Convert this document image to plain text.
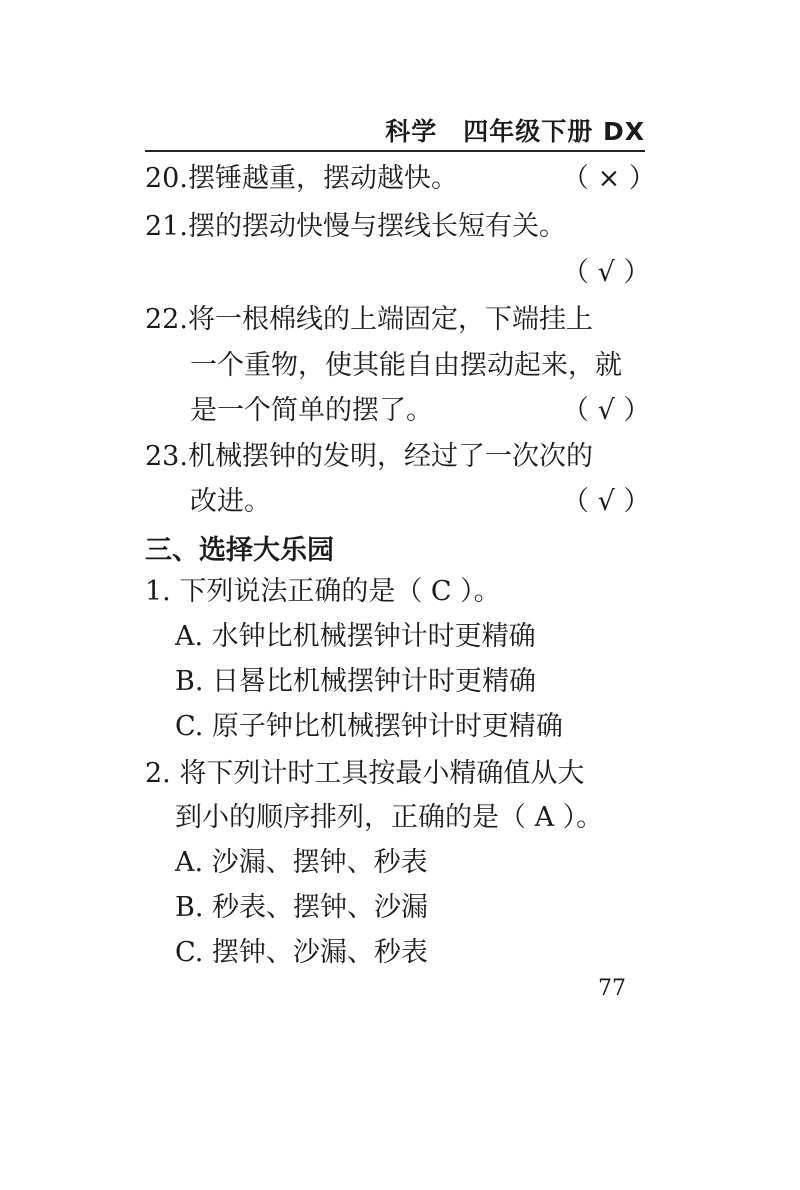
科学　四年级下册 DX
20.摆锤越重，摆动越快。	（ × ）
21.摆的摆动快慢与摆线长短有关。
（ √ ）
22.将一根棉线的上端固定，下端挂上
一个重物，使其能自由摆动起来，就
是一个简单的摆了。	（ √ ）
23.机械摆钟的发明，经过了一次次的
改进。	（ √ ）
三、选择大乐园
1. 下列说法正确的是（ C ）。
A. 水钟比机械摆钟计时更精确
B. 日晷比机械摆钟计时更精确
C. 原子钟比机械摆钟计时更精确
2. 将下列计时工具按最小精确值从大
到小的顺序排列，正确的是（ A ）。
A. 沙漏、摆钟、秒表
B. 秒表、摆钟、沙漏
C. 摆钟、沙漏、秒表
77
